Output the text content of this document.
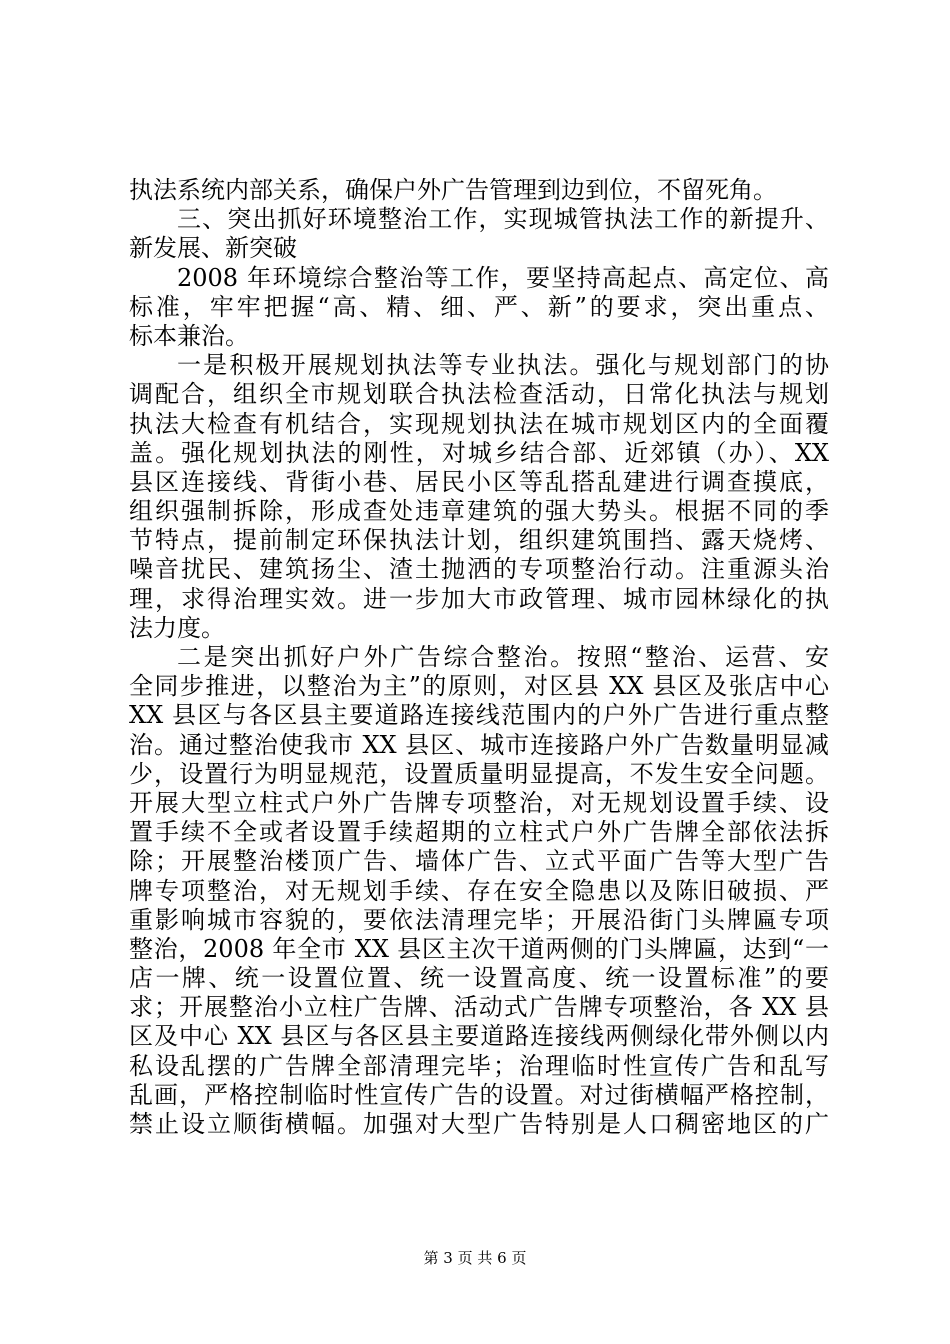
执法系统内部关系，确保户外广告管理到边到位，不留死角。
三、突出抓好环境整治工作，实现城管执法工作的新提升、
新发展、新突破
2008 年环境综合整治等工作，要坚持高起点、高定位、高
标准，牢牢把握“高、精、细、严、新”的要求，突出重点、
标本兼治。
一是积极开展规划执法等专业执法。强化与规划部门的协
调配合，组织全市规划联合执法检查活动，日常化执法与规划
执法大检查有机结合，实现规划执法在城市规划区内的全面覆
盖。强化规划执法的刚性，对城乡结合部、近郊镇（办）、XX
县区连接线、背街小巷、居民小区等乱搭乱建进行调查摸底，
组织强制拆除，形成查处违章建筑的强大势头。根据不同的季
节特点，提前制定环保执法计划，组织建筑围挡、露天烧烤、
噪音扰民、建筑扬尘、渣土抛洒的专项整治行动。注重源头治
理，求得治理实效。进一步加大市政管理、城市园林绿化的执
法力度。
二是突出抓好户外广告综合整治。按照“整治、运营、安
全同步推进，以整治为主”的原则，对区县 XX 县区及张店中心
XX 县区与各区县主要道路连接线范围内的户外广告进行重点整
治。通过整治使我市 XX 县区、城市连接路户外广告数量明显减
少，设置行为明显规范，设置质量明显提高，不发生安全问题。
开展大型立柱式户外广告牌专项整治，对无规划设置手续、设
置手续不全或者设置手续超期的立柱式户外广告牌全部依法拆
除；开展整治楼顶广告、墙体广告、立式平面广告等大型广告
牌专项整治，对无规划手续、存在安全隐患以及陈旧破损、严
重影响城市容貌的，要依法清理完毕；开展沿街门头牌匾专项
整治，2008 年全市 XX 县区主次干道两侧的门头牌匾，达到“一
店一牌、统一设置位置、统一设置高度、统一设置标准”的要
求；开展整治小立柱广告牌、活动式广告牌专项整治，各 XX 县
区及中心 XX 县区与各区县主要道路连接线两侧绿化带外侧以内
私设乱摆的广告牌全部清理完毕；治理临时性宣传广告和乱写
乱画，严格控制临时性宣传广告的设置。对过街横幅严格控制，
禁止设立顺街横幅。加强对大型广告特别是人口稠密地区的广
第 3 页 共 6 页
